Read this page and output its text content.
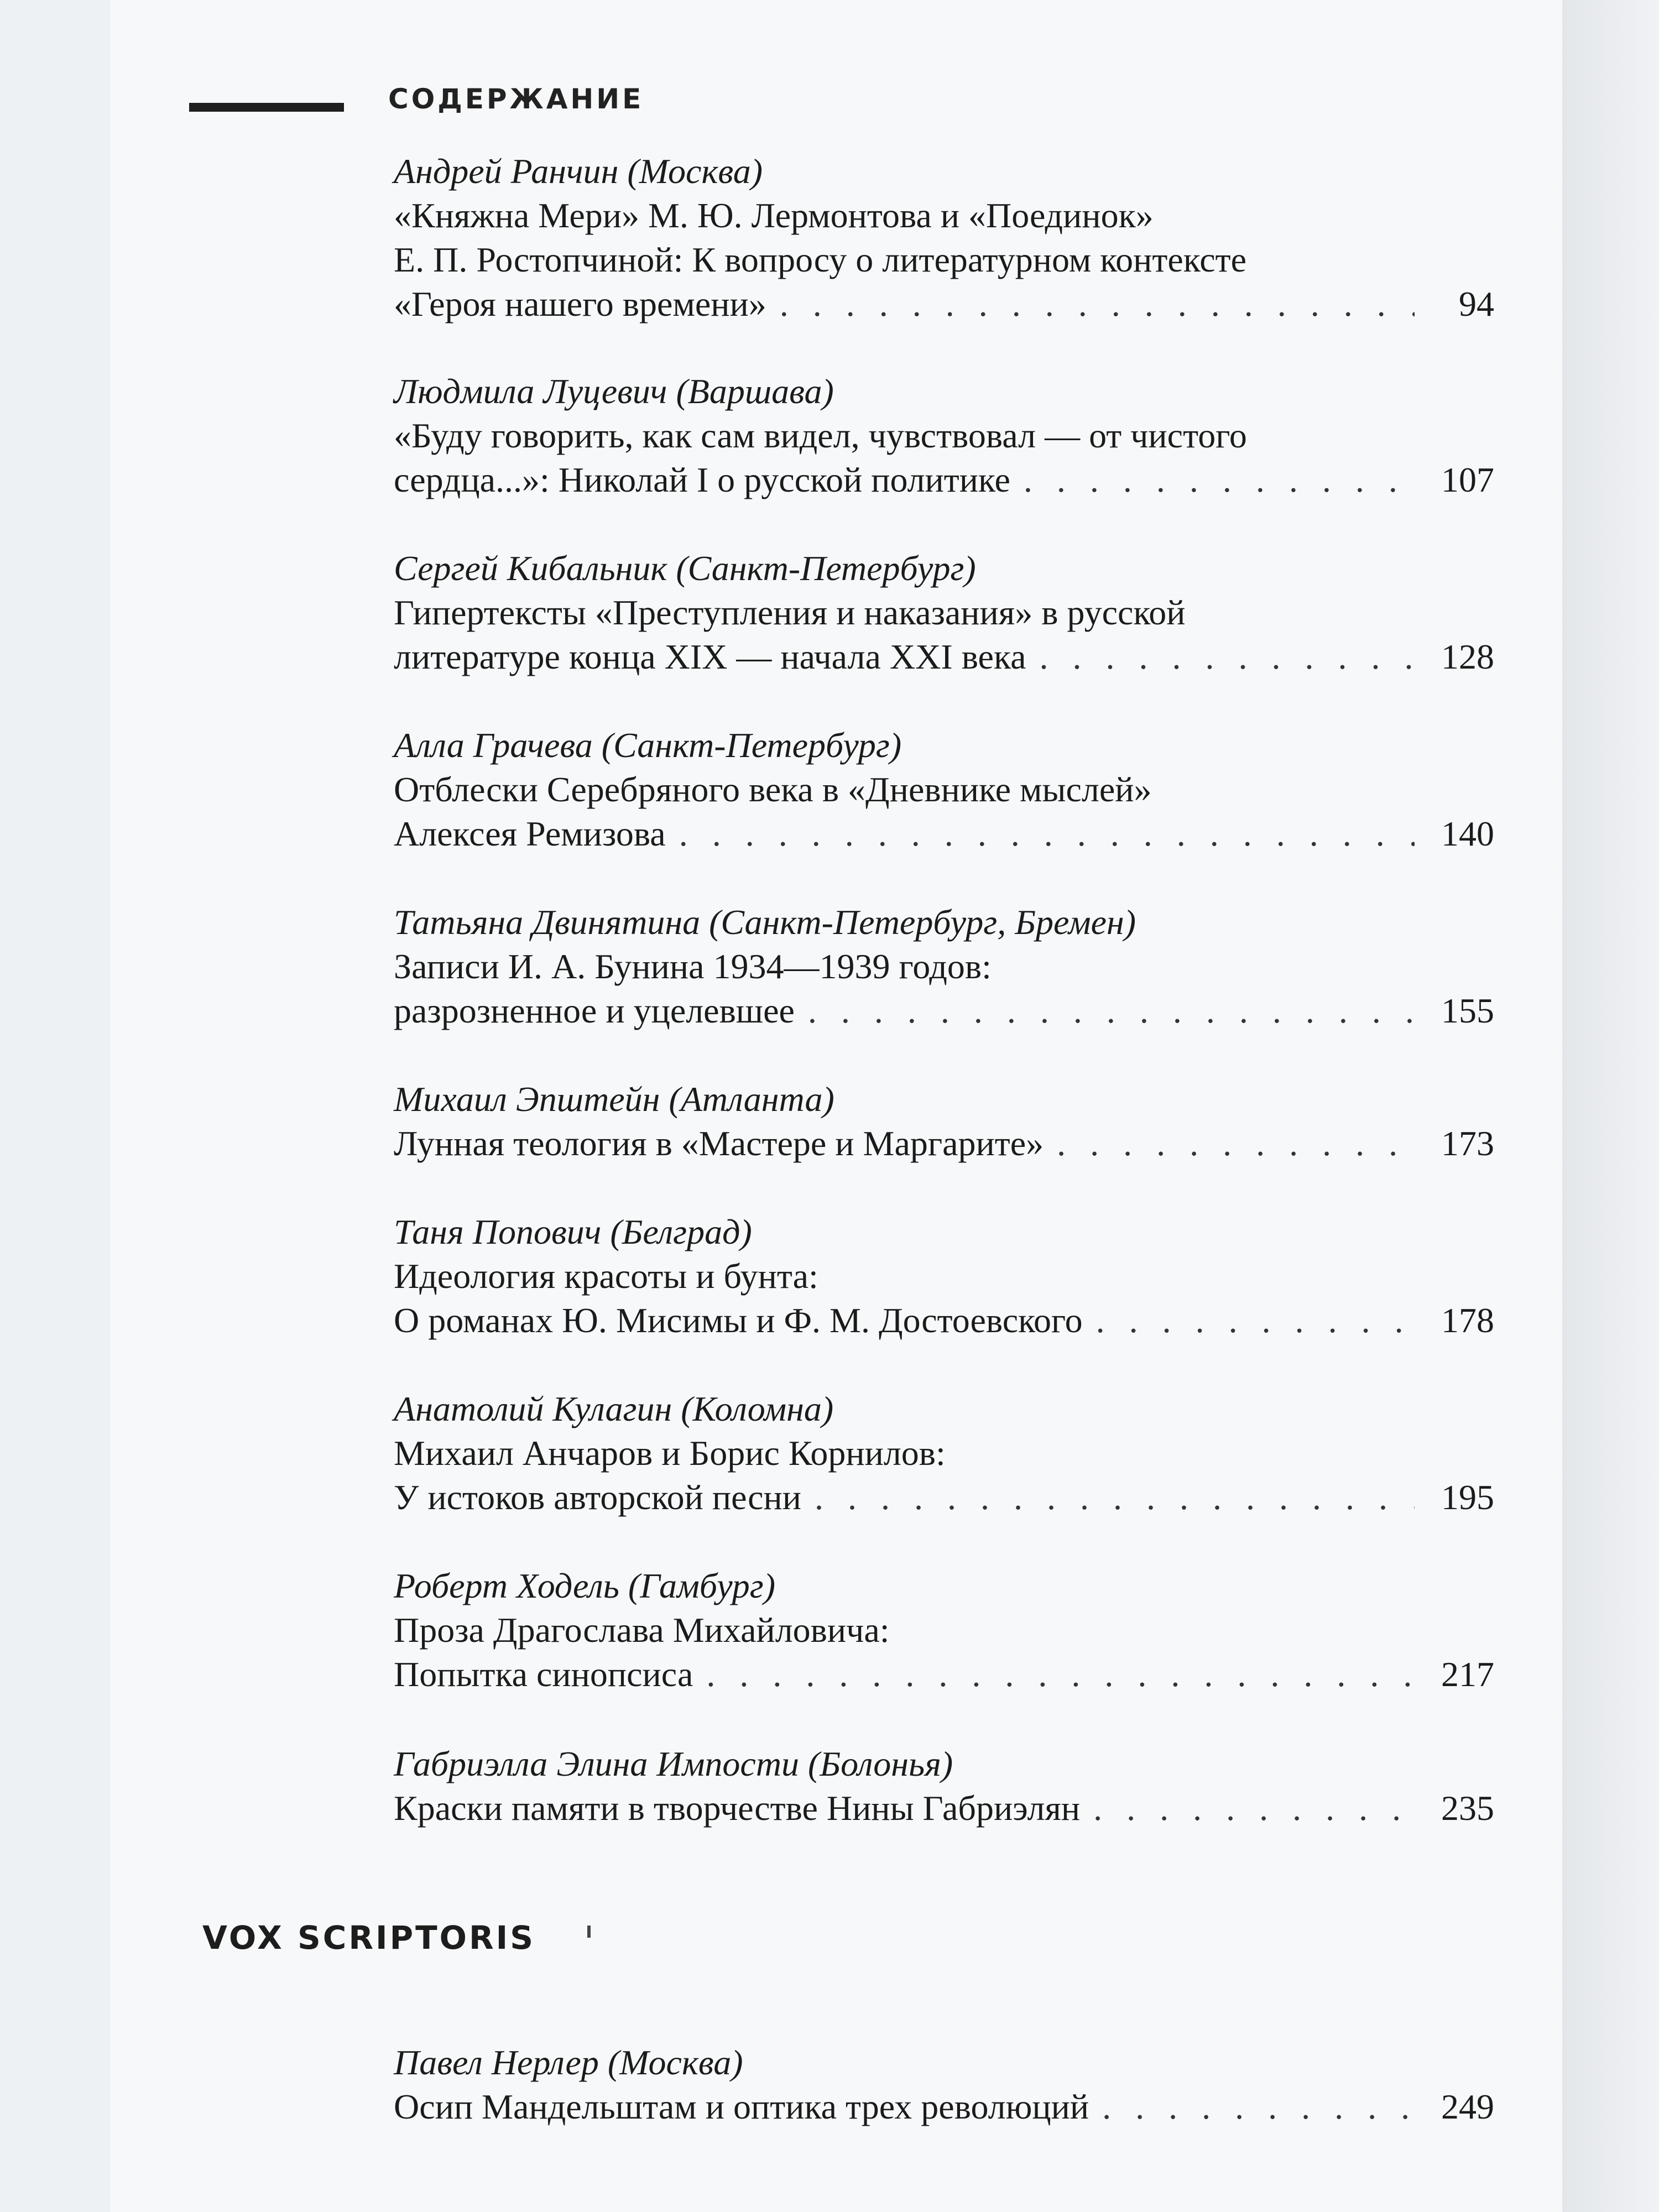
СОДЕРЖАНИЕ
Андрей Ранчин (Москва)
«Княжна Мери» М. Ю. Лермонтова и «Поединок»
Е. П. Ростопчиной: К вопросу о литературном контексте
«Героя нашего времени» . . .	94
Людмила Луцевич (Варшава)
«Буду говорить, как сам видел, чувствовал — от чистого
сердца...»: Николай I о русской политике . . .	107
Сергей Кибальник (Санкт-Петербург)
Гипертексты «Преступления и наказания» в русской
литературе конца XIX — начала XXI века . . .	128
Алла Грачева (Санкт-Петербург)
Отблески Серебряного века в «Дневнике мыслей»
Алексея Ремизова . . .	140
Татьяна Двинятина (Санкт-Петербург, Бремен)
Записи И. А. Бунина 1934—1939 годов:
разрозненное и уцелевшее . . .	155
Михаил Эпштейн (Атланта)
Лунная теология в «Мастере и Маргарите» . . .	173
Таня Попович (Белград)
Идеология красоты и бунта:
О романах Ю. Мисимы и Ф. М. Достоевского . . .	178
Анатолий Кулагин (Коломна)
Михаил Анчаров и Борис Корнилов:
У истоков авторской песни . . .	195
Роберт Ходель (Гамбург)
Проза Драгослава Михайловича:
Попытка синопсиса . . .	217
Габриэлла Элина Импости (Болонья)
Краски памяти в творчестве Нины Габриэлян . . .	235
VOX SCRIPTORIS
Павел Нерлер (Москва)
Осип Мандельштам и оптика трех революций . . .	249
